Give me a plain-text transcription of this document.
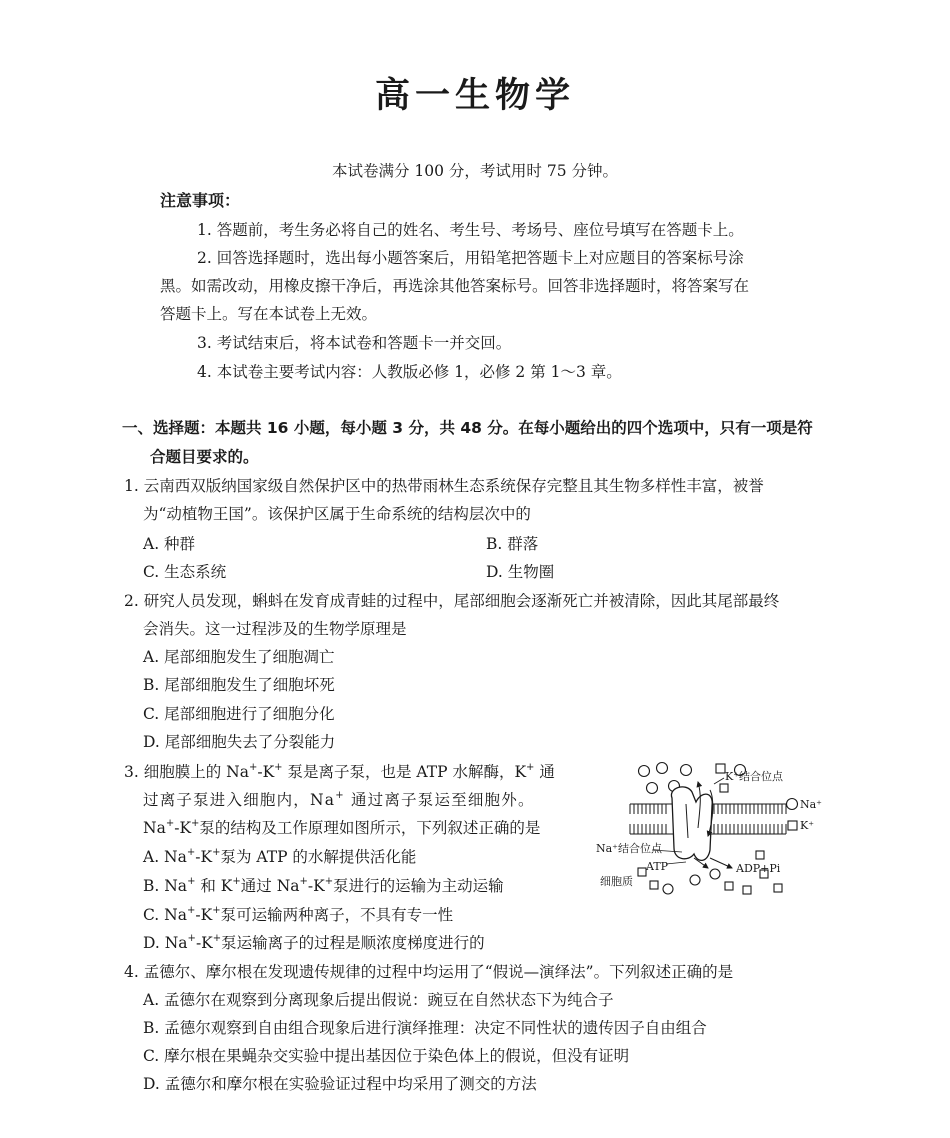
高一生物学
本试卷满分 100 分，考试用时 75 分钟。
注意事项：
1. 答题前，考生务必将自己的姓名、考生号、考场号、座位号填写在答题卡上。
2. 回答选择题时，选出每小题答案后，用铅笔把答题卡上对应题目的答案标号涂
黑。如需改动，用橡皮擦干净后，再选涂其他答案标号。回答非选择题时，将答案写在
答题卡上。写在本试卷上无效。
3. 考试结束后，将本试卷和答题卡一并交回。
4. 本试卷主要考试内容：人教版必修 1，必修 2 第 1～3 章。
一、选择题：本题共 16 小题，每小题 3 分，共 48 分。在每小题给出的四个选项中，只有一项是符
合题目要求的。
1. 云南西双版纳国家级自然保护区中的热带雨林生态系统保存完整且其生物多样性丰富，被誉
为“动植物王国”。该保护区属于生命系统的结构层次中的
A. 种群	B. 群落
C. 生态系统	D. 生物圈
2. 研究人员发现，蝌蚪在发育成青蛙的过程中，尾部细胞会逐渐死亡并被清除，因此其尾部最终
会消失。这一过程涉及的生物学原理是
A. 尾部细胞发生了细胞凋亡
B. 尾部细胞发生了细胞坏死
C. 尾部细胞进行了细胞分化
D. 尾部细胞失去了分裂能力
3. 细胞膜上的 Na+-K+ 泵是离子泵，也是 ATP 水解酶，K+ 通
过离子泵进入细胞内，Na+ 通过离子泵运至细胞外。
Na+-K+泵的结构及工作原理如图所示，下列叙述正确的是
A. Na+-K+泵为 ATP 的水解提供活化能
B. Na+ 和 K+通过 Na+-K+泵进行的运输为主动运输
C. Na+-K+泵可运输两种离子，不具有专一性
D. Na+-K+泵运输离子的过程是顺浓度梯度进行的
K⁺结合位点
Na⁺
K⁺
Na⁺结合位点
ATP	ADP+Pi
细胞质
4. 孟德尔、摩尔根在发现遗传规律的过程中均运用了“假说—演绎法”。下列叙述正确的是
A. 孟德尔在观察到分离现象后提出假说：豌豆在自然状态下为纯合子
B. 孟德尔观察到自由组合现象后进行演绎推理：决定不同性状的遗传因子自由组合
C. 摩尔根在果蝇杂交实验中提出基因位于染色体上的假说，但没有证明
D. 孟德尔和摩尔根在实验验证过程中均采用了测交的方法
